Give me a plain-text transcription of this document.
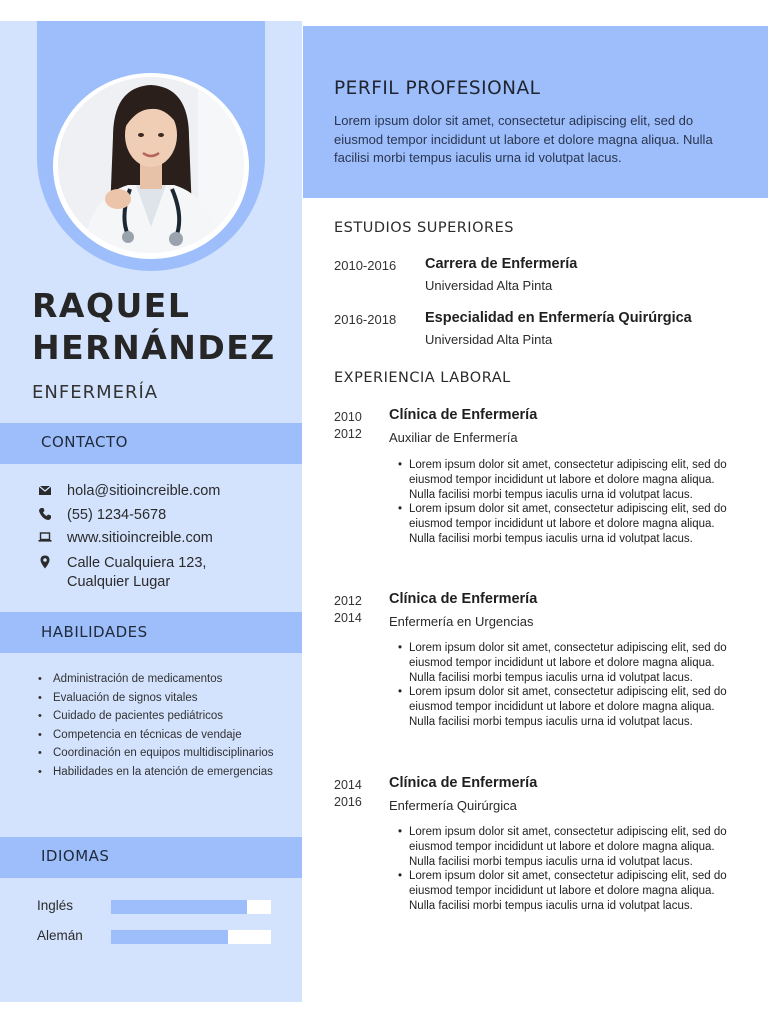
RAQUEL
HERNÁNDEZ
ENFERMERÍA
CONTACTO
hola@sitioincreible.com
(55) 1234-5678
www.sitioincreible.com
Calle Cualquiera 123,
Cualquier Lugar
HABILIDADES
• Administración de medicamentos
• Evaluación de signos vitales
• Cuidado de pacientes pediátricos
• Competencia en técnicas de vendaje
• Coordinación en equipos multidisciplinarios
• Habilidades en la atención de emergencias
IDIOMAS
Inglés
Alemán
PERFIL PROFESIONAL
Lorem ipsum dolor sit amet, consectetur adipiscing elit, sed do eiusmod tempor incididunt ut labore et dolore magna aliqua. Nulla facilisi morbi tempus iaculis urna id volutpat lacus.
ESTUDIOS SUPERIORES
2010-2016 Carrera de Enfermería
Universidad Alta Pinta
2016-2018 Especialidad en Enfermería Quirúrgica
Universidad Alta Pinta
EXPERIENCIA LABORAL
2010
2012
Clínica de Enfermería
Auxiliar de Enfermería
• Lorem ipsum dolor sit amet, consectetur adipiscing elit, sed do eiusmod tempor incididunt ut labore et dolore magna aliqua. Nulla facilisi morbi tempus iaculis urna id volutpat lacus.
• Lorem ipsum dolor sit amet, consectetur adipiscing elit, sed do eiusmod tempor incididunt ut labore et dolore magna aliqua. Nulla facilisi morbi tempus iaculis urna id volutpat lacus.
2012
2014
Clínica de Enfermería
Enfermería en Urgencias
• Lorem ipsum dolor sit amet, consectetur adipiscing elit, sed do eiusmod tempor incididunt ut labore et dolore magna aliqua. Nulla facilisi morbi tempus iaculis urna id volutpat lacus.
• Lorem ipsum dolor sit amet, consectetur adipiscing elit, sed do eiusmod tempor incididunt ut labore et dolore magna aliqua. Nulla facilisi morbi tempus iaculis urna id volutpat lacus.
2014
2016
Clínica de Enfermería
Enfermería Quirúrgica
• Lorem ipsum dolor sit amet, consectetur adipiscing elit, sed do eiusmod tempor incididunt ut labore et dolore magna aliqua. Nulla facilisi morbi tempus iaculis urna id volutpat lacus.
• Lorem ipsum dolor sit amet, consectetur adipiscing elit, sed do eiusmod tempor incididunt ut labore et dolore magna aliqua. Nulla facilisi morbi tempus iaculis urna id volutpat lacus.
